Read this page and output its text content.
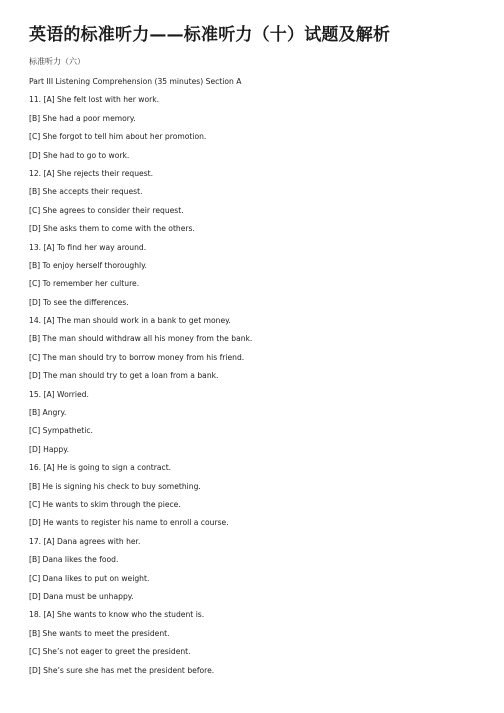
英语的标准听力——标准听力（十）试题及解析
标准听力（六）
Part III Listening Comprehension (35 minutes) Section A
11. [A] She felt lost with her work.
[B] She had a poor memory.
[C] She forgot to tell him about her promotion.
[D] She had to go to work.
12. [A] She rejects their request.
[B] She accepts their request.
[C] She agrees to consider their request.
[D] She asks them to come with the others.
13. [A] To find her way around.
[B] To enjoy herself thoroughly.
[C] To remember her culture.
[D] To see the differences.
14. [A] The man should work in a bank to get money.
[B] The man should withdraw all his money from the bank.
[C] The man should try to borrow money from his friend.
[D] The man should try to get a loan from a bank.
15. [A] Worried.
[B] Angry.
[C] Sympathetic.
[D] Happy.
16. [A] He is going to sign a contract.
[B] He is signing his check to buy something.
[C] He wants to skim through the piece.
[D] He wants to register his name to enroll a course.
17. [A] Dana agrees with her.
[B] Dana likes the food.
[C] Dana likes to put on weight.
[D] Dana must be unhappy.
18. [A] She wants to know who the student is.
[B] She wants to meet the president.
[C] She’s not eager to greet the president.
[D] She’s sure she has met the president before.
